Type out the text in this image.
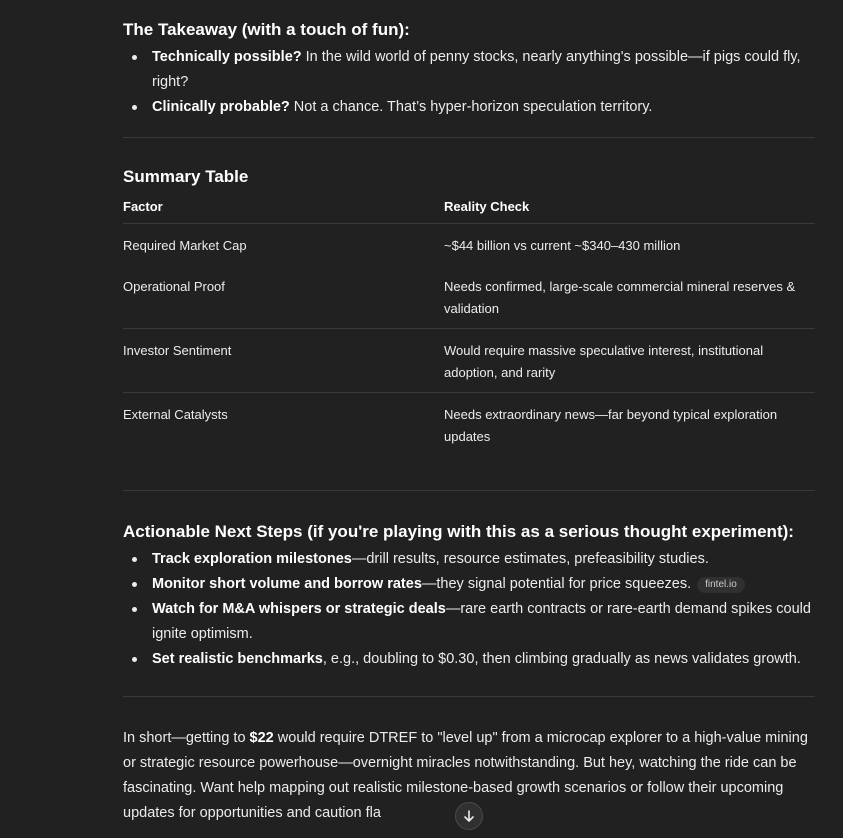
The Takeaway (with a touch of fun):
Technically possible? In the wild world of penny stocks, nearly anything's possible—if pigs could fly, right?
Clinically probable? Not a chance. That’s hyper-horizon speculation territory.
Summary Table
Factor	Reality Check
Required Market Cap	~$44 billion vs current ~$340–430 million
Operational Proof	Needs confirmed, large-scale commercial mineral reserves & validation
Investor Sentiment	Would require massive speculative interest, institutional adoption, and rarity
External Catalysts	Needs extraordinary news—far beyond typical exploration updates
Actionable Next Steps (if you're playing with this as a serious thought experiment):
Track exploration milestones—drill results, resource estimates, prefeasibility studies.
Monitor short volume and borrow rates—they signal potential for price squeezes. fintel.io
Watch for M&A whispers or strategic deals—rare earth contracts or rare-earth demand spikes could ignite optimism.
Set realistic benchmarks, e.g., doubling to $0.30, then climbing gradually as news validates growth.

In short—getting to $22 would require DTREF to "level up" from a microcap explorer to a high-value mining or strategic resource powerhouse—overnight miracles notwithstanding. But hey, watching the ride can be fascinating. Want help mapping out realistic milestone-based growth scenarios or follow their upcoming updates for opportunities and caution fla
